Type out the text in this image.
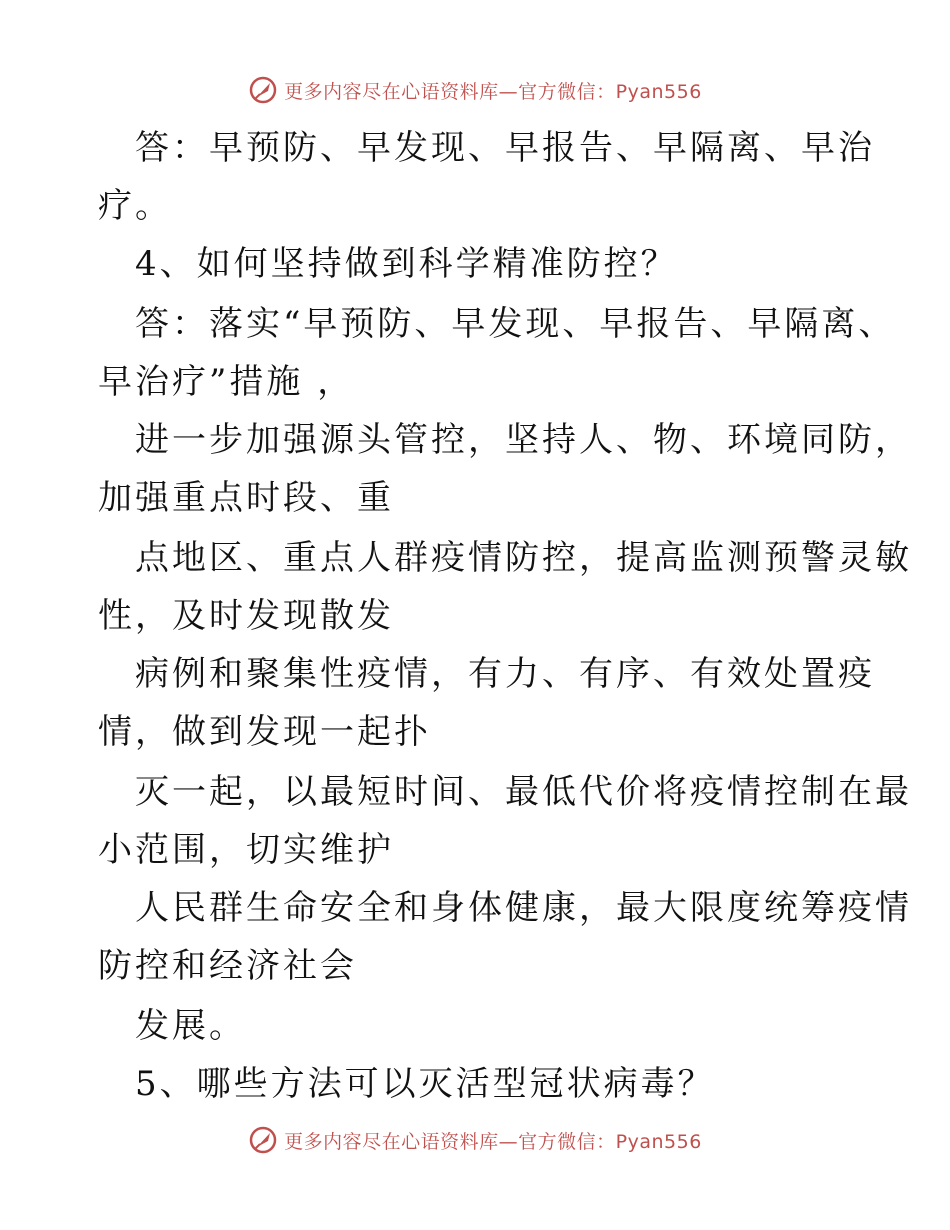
更多内容尽在心语资料库—官方微信：Pyan556
答：早预防、早发现、早报告、早隔离、早治
疗。
4、如何坚持做到科学精准防控？
答：落实“早预防、早发现、早报告、早隔离、
早治疗”措施 ，
进一步加强源头管控，坚持人、物、环境同防，
加强重点时段、重
点地区、重点人群疫情防控，提高监测预警灵敏
性，及时发现散发
病例和聚集性疫情，有力、有序、有效处置疫
情，做到发现一起扑
灭一起，以最短时间、最低代价将疫情控制在最
小范围，切实维护
人民群生命安全和身体健康，最大限度统筹疫情
防控和经济社会
发展。
5、哪些方法可以灭活型冠状病毒？
更多内容尽在心语资料库—官方微信：Pyan556
